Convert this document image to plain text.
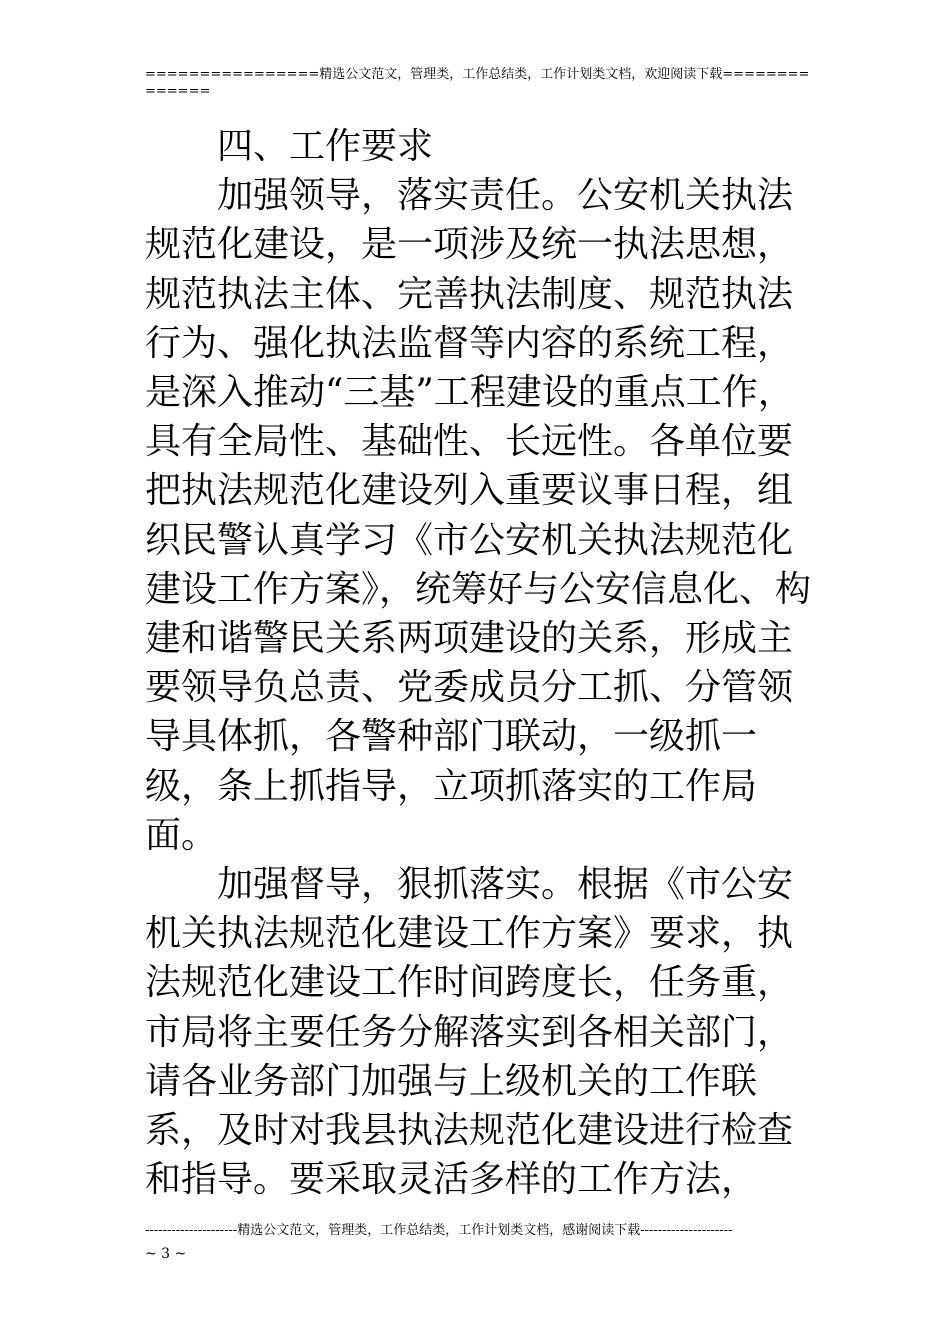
================精选公文范文，管理类，工作总结类，工作计划类文档，欢迎阅读下载==============
四、工作要求

加强领导，落实责任。公安机关执法规范化建设，是一项涉及统一执法思想，规范执法主体、完善执法制度、规范执法行为、强化执法监督等内容的系统工程，是深入推动“三基”工程建设的重点工作，具有全局性、基础性、长远性。各单位要把执法规范化建设列入重要议事日程，组织民警认真学习《市公安机关执法规范化建设工作方案》，统筹好与公安信息化、构建和谐警民关系两项建设的关系，形成主要领导负总责、党委成员分工抓、分管领导具体抓，各警种部门联动，一级抓一级，条上抓指导，立项抓落实的工作局面。

加强督导，狠抓落实。根据《市公安机关执法规范化建设工作方案》要求，执法规范化建设工作时间跨度长，任务重，市局将主要任务分解落实到各相关部门，请各业务部门加强与上级机关的工作联系，及时对我县执法规范化建设进行检查和指导。要采取灵活多样的工作方法，

---------------------精选公文范文，管理类，工作总结类，工作计划类文档，感谢阅读下载---------------------
~ 3 ~
